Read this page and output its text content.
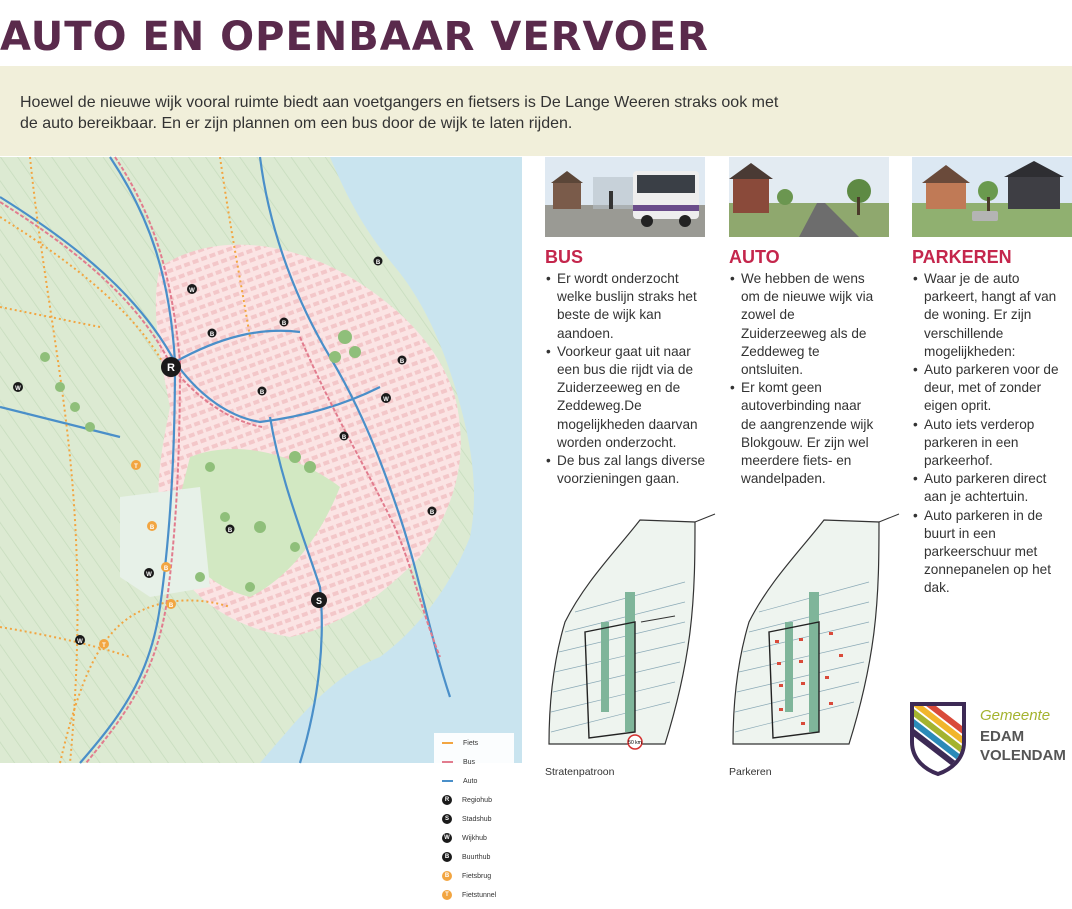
AUTO EN OPENBAAR VERVOER

Hoewel de nieuwe wijk vooral ruimte biedt aan voetgangers en fietsers is De Lange Weeren straks ook met de auto bereikbaar. En er zijn plannen om een bus door de wijk te laten rijden.

R
S
W
W
W
W
W
B
B
B
B
B
B
B
B
T
B
B
B
T
Fiets
Bus
Auto
R	Regiohub
S	Stadshub
W	Wijkhub
B	Buurthub
B	Fietsbrug
T	Fietstunnel
BUS
• Er wordt onderzocht welke buslijn straks het beste de wijk kan aandoen.
• Voorkeur gaat uit naar een bus die rijdt via de Zuiderzeeweg en de Zeddeweg.De mogelijkheden daarvan worden onderzocht.
• De bus zal langs diverse voorzieningen gaan.
AUTO
• We hebben de wens om de nieuwe wijk via zowel de Zuiderzeeweg als de Zeddeweg te ontsluiten.
• Er komt geen autoverbinding naar de aangrenzende wijk Blokgouw. Er zijn wel meerdere fiets- en wandelpaden.
PARKEREN
• Waar je de auto parkeert, hangt af van de woning. Er zijn verschillende mogelijkheden:
• Auto parkeren voor de deur, met of zonder eigen oprit.
• Auto iets verderop parkeren in een parkeerhof.
• Auto parkeren direct aan je achtertuin.
• Auto parkeren in de buurt in een parkeerschuur met zonnepanelen op het dak.
50 km
Stratenpatroon	Parkeren
Gemeente
EDAM
VOLENDAM
